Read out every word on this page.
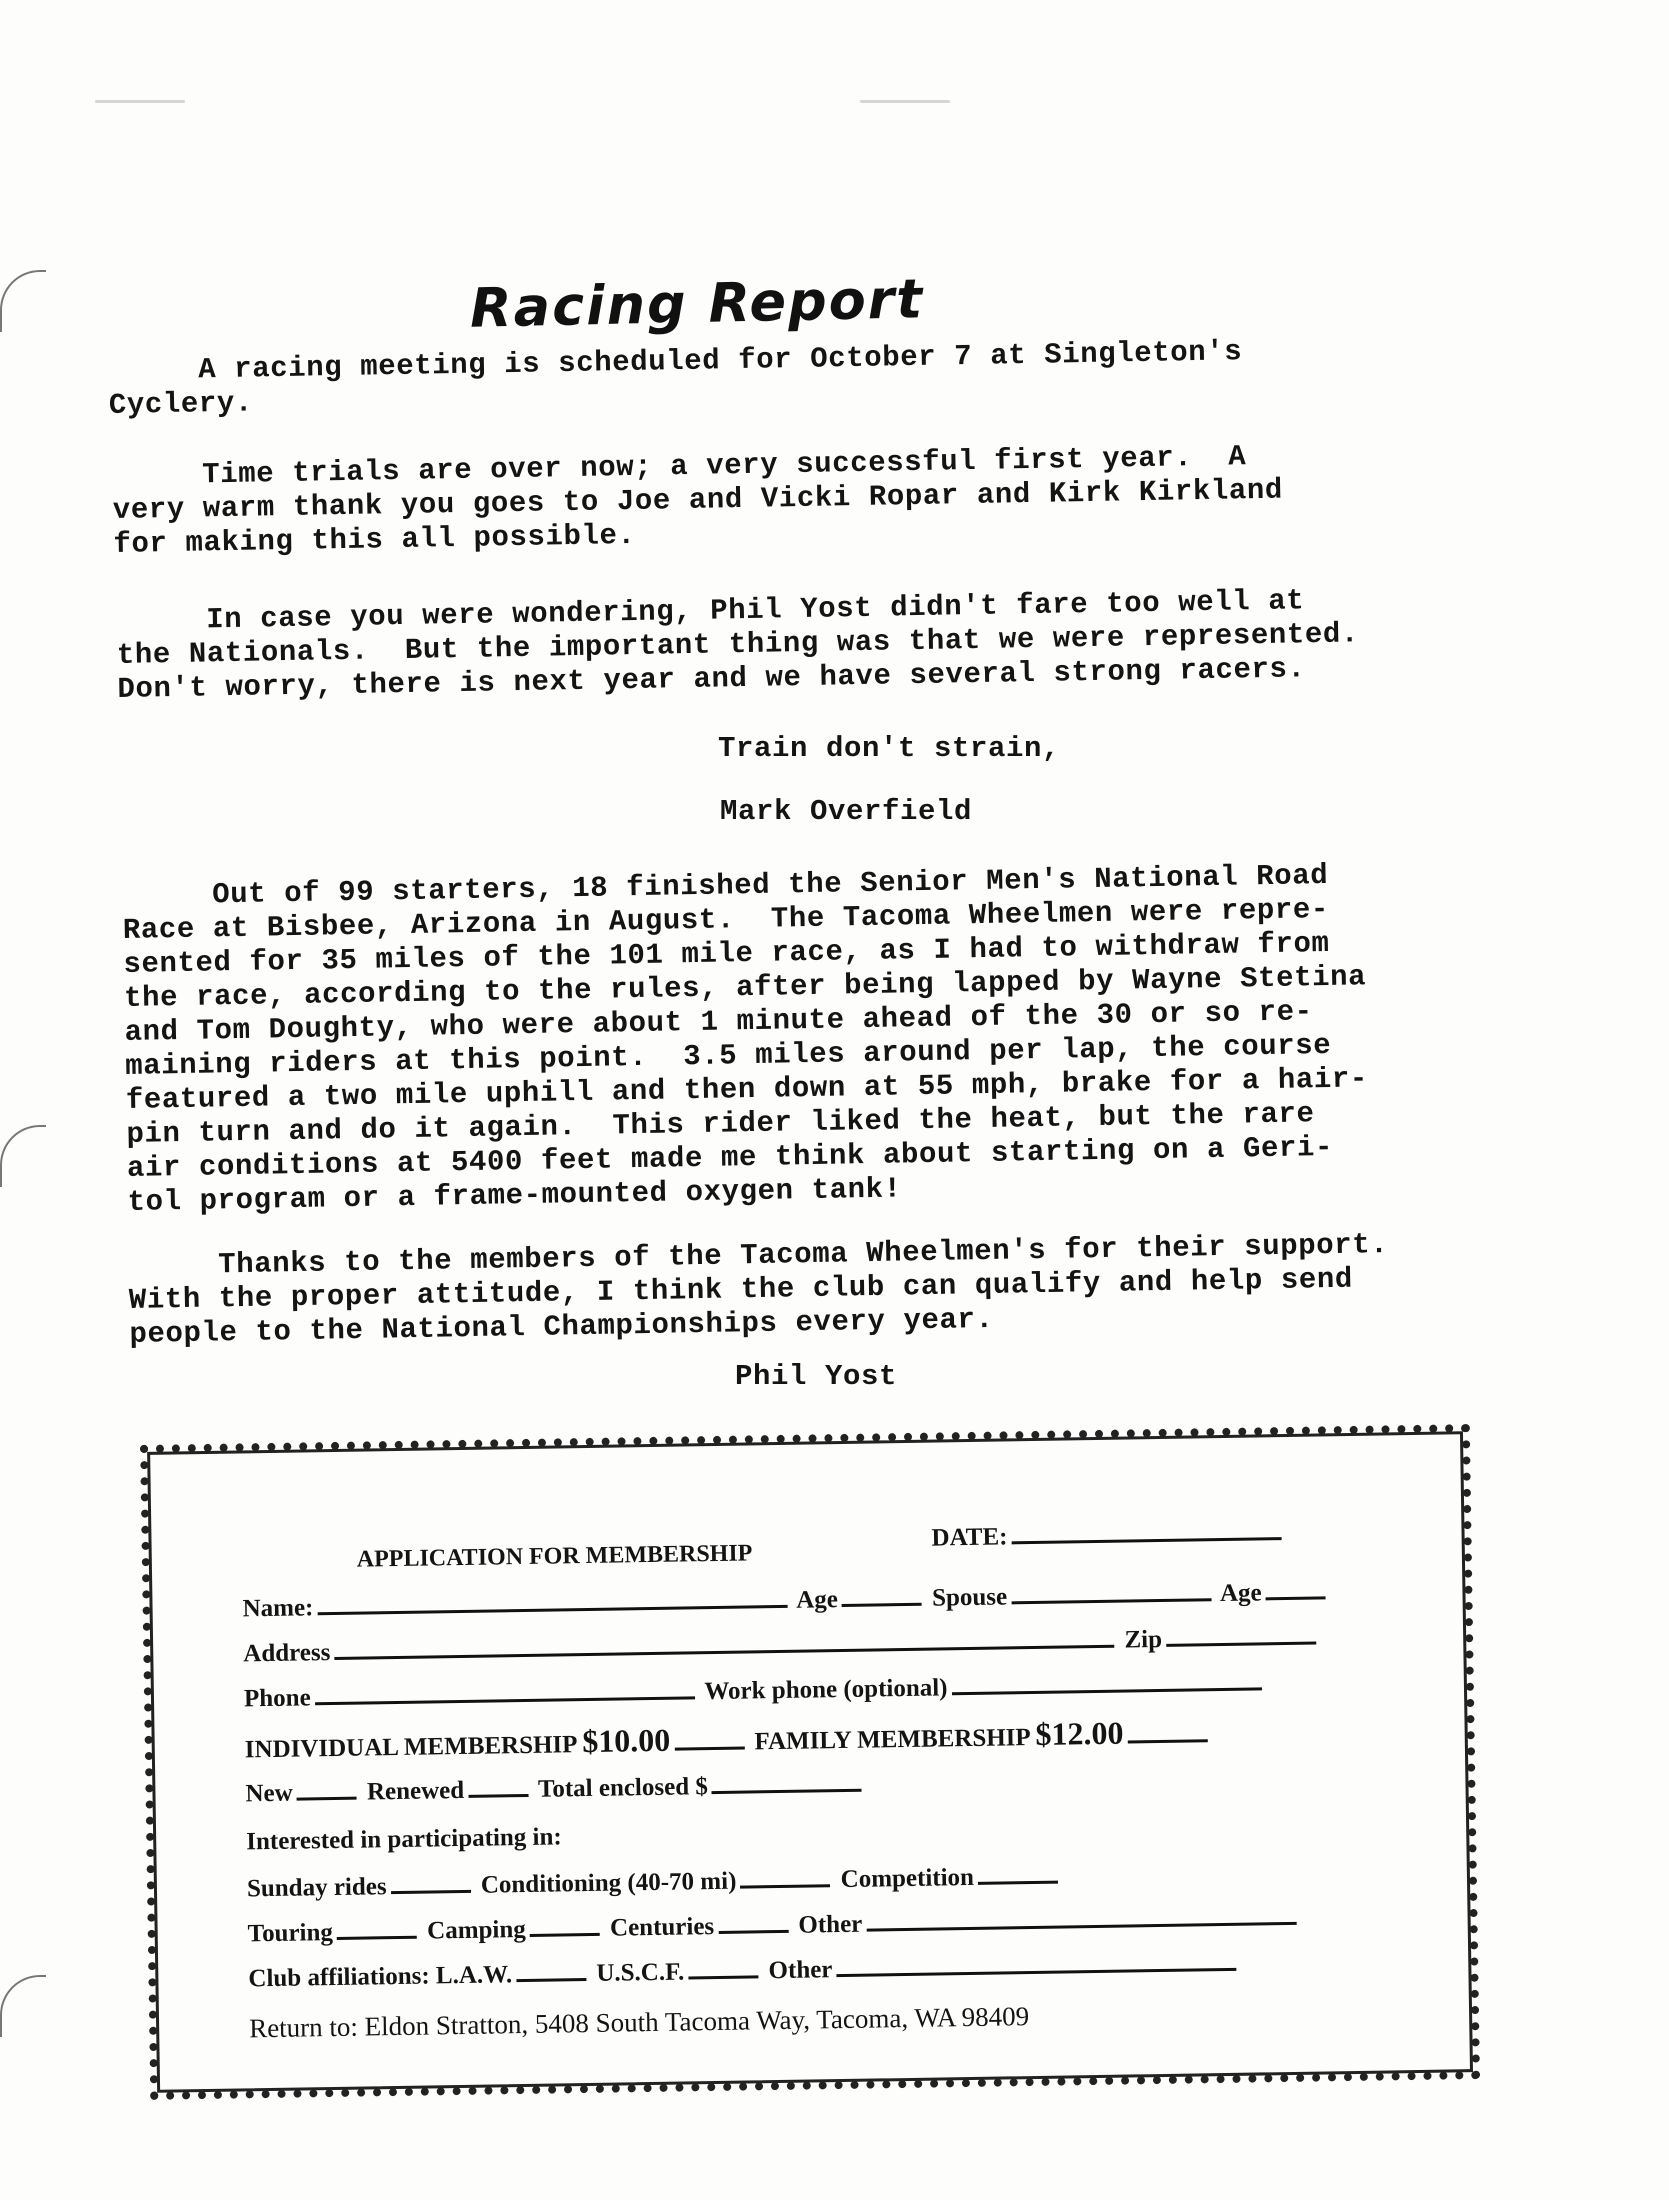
Racing Report
A racing meeting is scheduled for October 7 at Singleton's
Cyclery.
Time trials are over now; a very successful first year.  A
very warm thank you goes to Joe and Vicki Ropar and Kirk Kirkland
for making this all possible.
In case you were wondering, Phil Yost didn't fare too well at
the Nationals.  But the important thing was that we were represented.
Don't worry, there is next year and we have several strong racers.
Train don't strain,
Mark Overfield
Out of 99 starters, 18 finished the Senior Men's National Road
Race at Bisbee, Arizona in August.  The Tacoma Wheelmen were repre-
sented for 35 miles of the 101 mile race, as I had to withdraw from
the race, according to the rules, after being lapped by Wayne Stetina
and Tom Doughty, who were about 1 minute ahead of the 30 or so re-
maining riders at this point.  3.5 miles around per lap, the course
featured a two mile uphill and then down at 55 mph, brake for a hair-
pin turn and do it again.  This rider liked the heat, but the rare
air conditions at 5400 feet made me think about starting on a Geri-
tol program or a frame-mounted oxygen tank!
Thanks to the members of the Tacoma Wheelmen's for their support.
With the proper attitude, I think the club can qualify and help send
people to the National Championships every year.
Phil Yost
APPLICATION FOR MEMBERSHIP
DATE:
Name:	Age	Spouse	Age
Address	Zip
Phone	Work phone (optional)
INDIVIDUAL MEMBERSHIP $10.00	FAMILY MEMBERSHIP $12.00
New	Renewed	Total enclosed $
Interested in participating in:
Sunday rides	Conditioning (40-70 mi)	Competition
Touring	Camping	Centuries	Other
Club affiliations: L.A.W.	U.S.C.F.	Other
Return to: Eldon Stratton, 5408 South Tacoma Way, Tacoma, WA 98409
